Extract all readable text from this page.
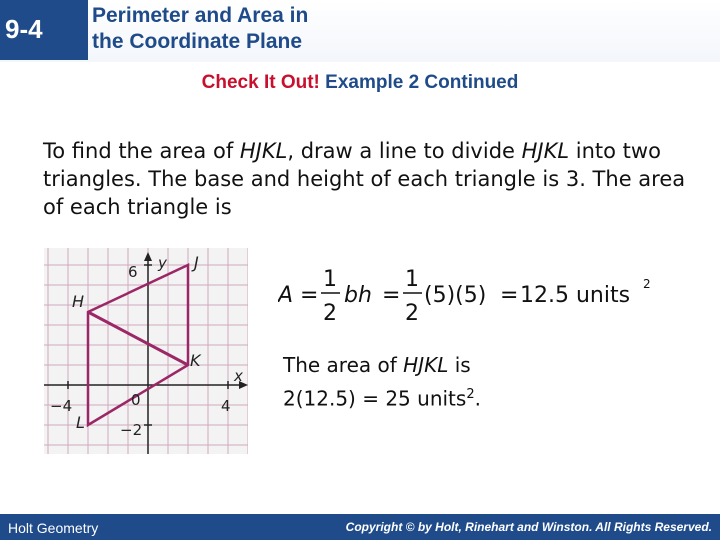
9-4 Perimeter and Area in
the Coordinate Plane
Check It Out! Example 2 Continued
To find the area of HJKL, draw a line to divide HJKL into two triangles. The base and height of each triangle is 3. The area of each triangle is
y
x
6
0
−4	4
−2
H
J
K
L
A =
1
2
bh =
1
2
(5)(5) = 12.5 units 2
The area of HJKL is
2(12.5) = 25 units$^2$.
Holt Geometry	Copyright © by Holt, Rinehart and Winston. All Rights Reserved.
